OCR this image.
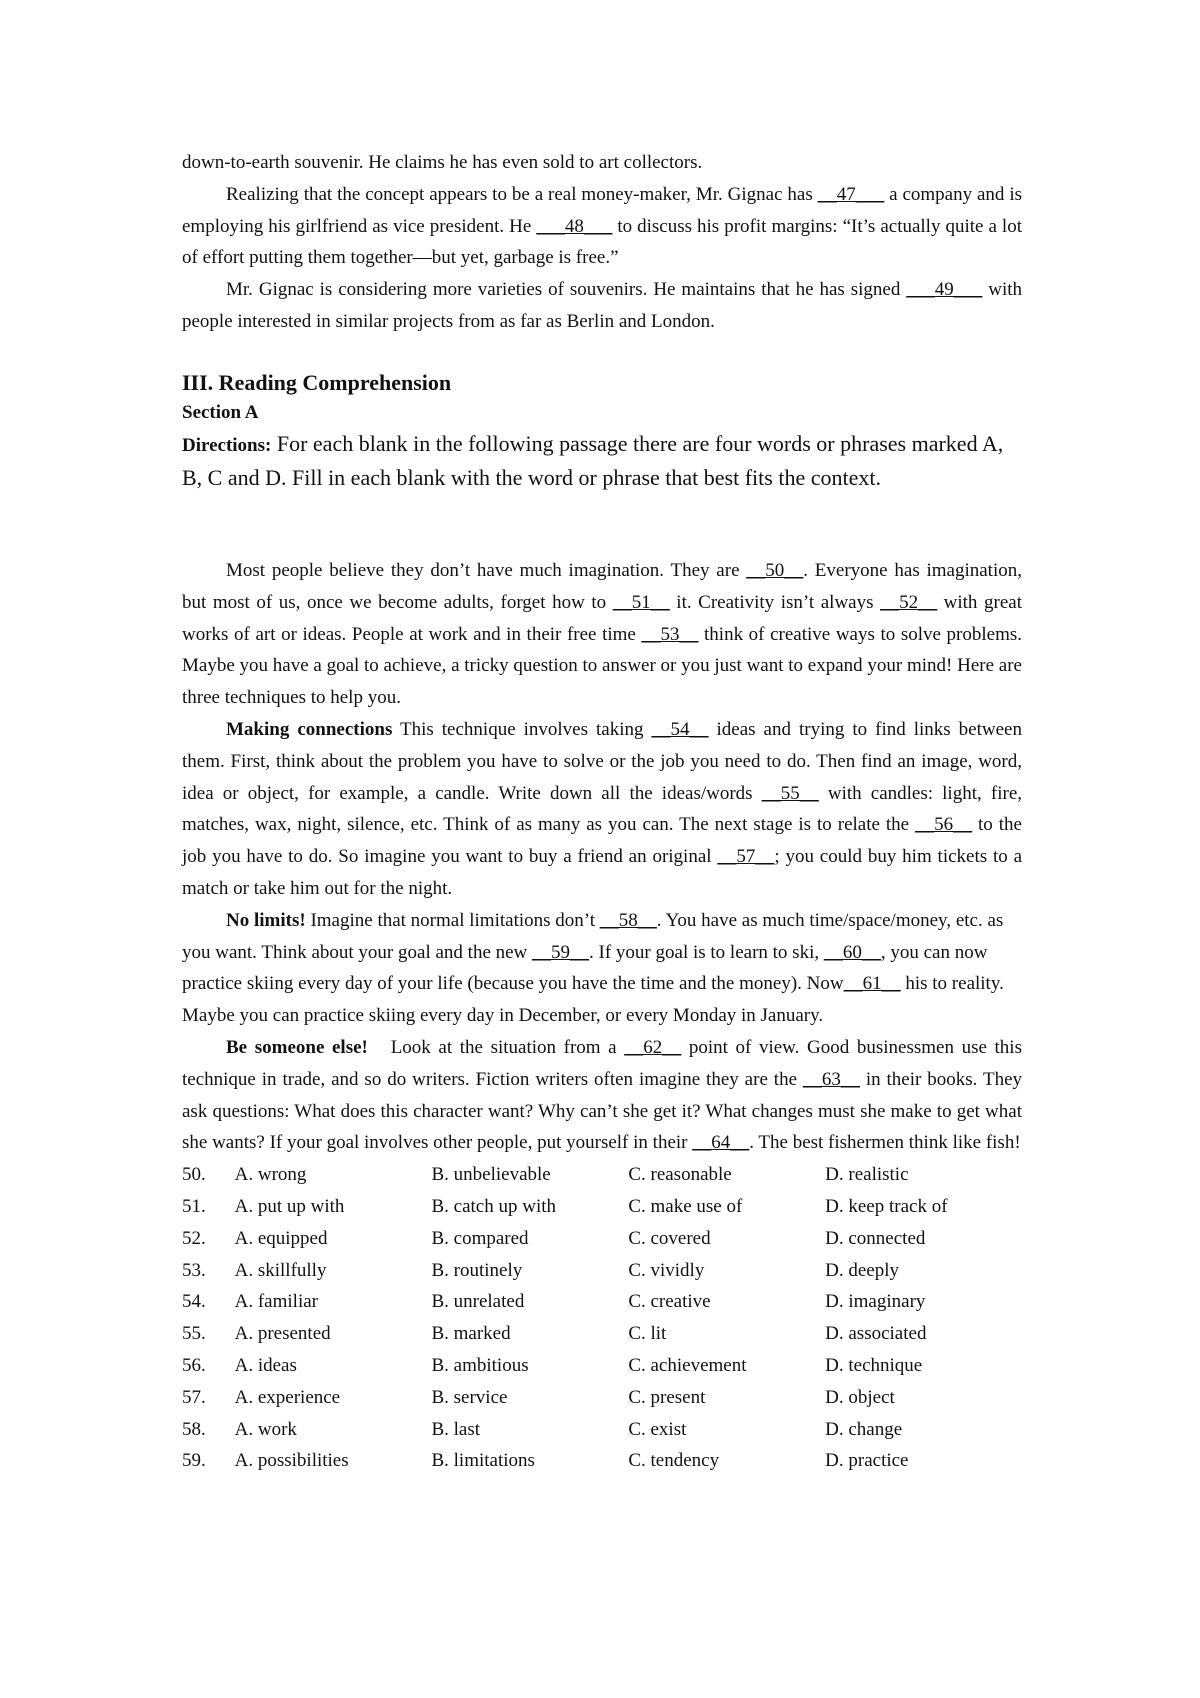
down-to-earth souvenir. He claims he has even sold to art collectors.

Realizing that the concept appears to be a real money-maker, Mr. Gignac has __47___ a company and is employing his girlfriend as vice president. He ___48___ to discuss his profit margins: “It’s actually quite a lot of effort putting them together—but yet, garbage is free.”

Mr. Gignac is considering more varieties of souvenirs. He maintains that he has signed ___49___ with people interested in similar projects from as far as Berlin and London.

III. Reading Comprehension

Section A

Directions: For each blank in the following passage there are four words or phrases marked A, B, C and D. Fill in each blank with the word or phrase that best fits the context.

Most people believe they don’t have much imagination. They are __50__. Everyone has imagination, but most of us, once we become adults, forget how to __51__ it. Creativity isn’t always __52__ with great works of art or ideas. People at work and in their free time __53__ think of creative ways to solve problems. Maybe you have a goal to achieve, a tricky question to answer or you just want to expand your mind! Here are three techniques to help you.

Making connections This technique involves taking __54__ ideas and trying to find links between them. First, think about the problem you have to solve or the job you need to do. Then find an image, word, idea or object, for example, a candle. Write down all the ideas/words __55__ with candles: light, fire, matches, wax, night, silence, etc. Think of as many as you can. The next stage is to relate the __56__ to the job you have to do. So imagine you want to buy a friend an original __57__; you could buy him tickets to a match or take him out for the night.

No limits! Imagine that normal limitations don’t __58__. You have as much time/space/money, etc. as you want. Think about your goal and the new __59__. If your goal is to learn to ski, __60__, you can now practice skiing every day of your life (because you have the time and the money). Now__61__ his to reality. Maybe you can practice skiing every day in December, or every Monday in January.

Be someone else!   Look at the situation from a __62__ point of view. Good businessmen use this technique in trade, and so do writers. Fiction writers often imagine they are the __63__ in their books. They ask questions: What does this character want? Why can’t she get it? What changes must she make to get what she wants? If your goal involves other people, put yourself in their __64__. The best fishermen think like fish!

50.	A. wrong	B. unbelievable	C. reasonable	D. realistic
51.	A. put up with	B. catch up with	C. make use of	D. keep track of
52.	A. equipped	B. compared	C. covered	D. connected
53.	A. skillfully	B. routinely	C. vividly	D. deeply
54.	A. familiar	B. unrelated	C. creative	D. imaginary
55.	A. presented	B. marked	C. lit	D. associated
56.	A. ideas	B. ambitious	C. achievement	D. technique
57.	A. experience	B. service	C. present	D. object
58.	A. work	B. last	C. exist	D. change
59.	A. possibilities	B. limitations	C. tendency	D. practice
